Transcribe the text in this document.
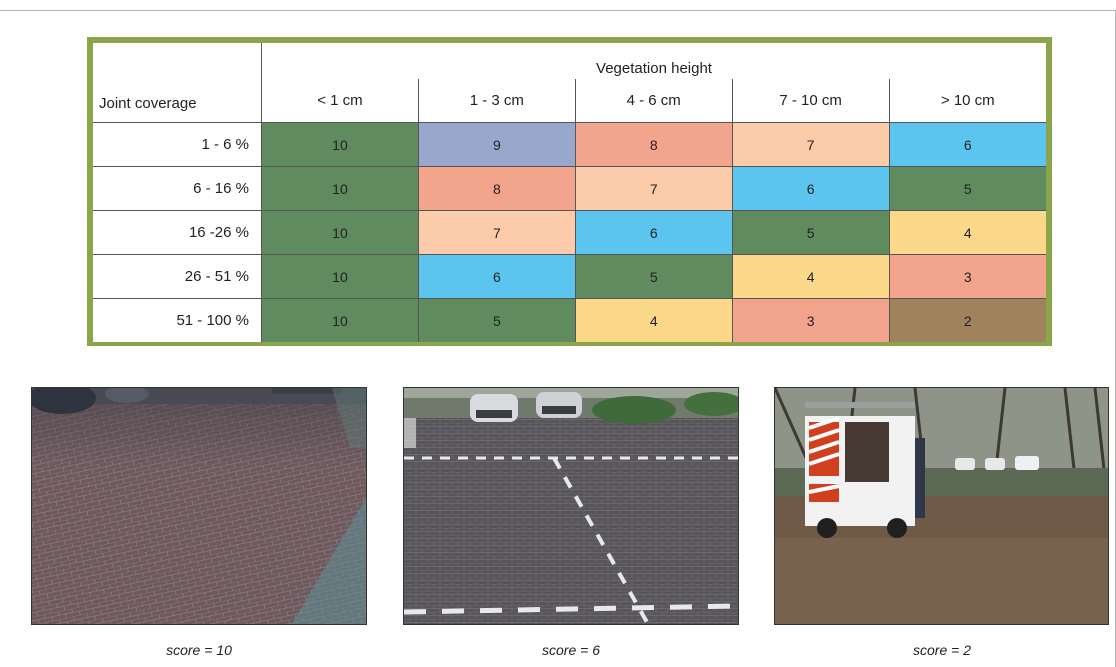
Joint coverage	Vegetation height				
	< 1 cm	1 - 3 cm	4 - 6 cm	7 - 10 cm	> 10 cm
1 - 6 %	10	9	8	7	6
6 - 16 %	10	8	7	6	5
16 -26 %	10	7	6	5	4
26 - 51 %	10	6	5	4	3
51 - 100 %	10	5	4	3	2
score = 10	score = 6	score = 2
